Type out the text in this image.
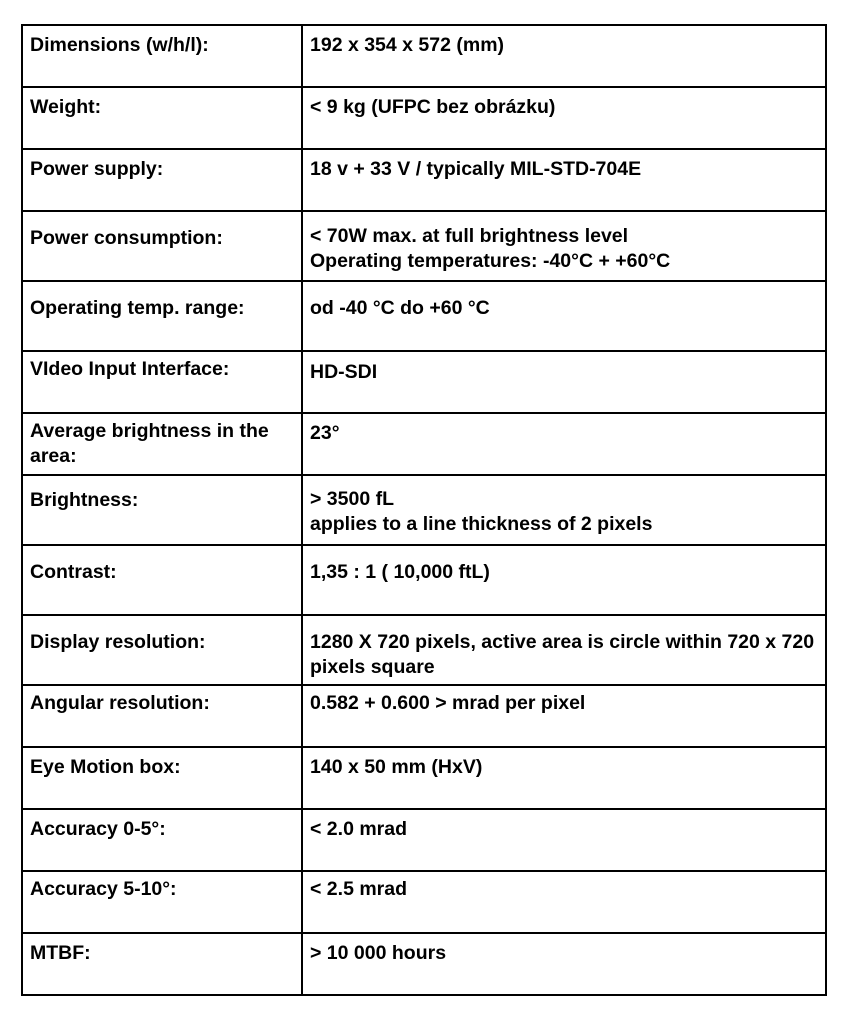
Dimensions (w/h/l):	192 x 354 x 572 (mm)
Weight:	< 9 kg (UFPC bez obrázku)
Power supply:	18 v + 33 V / typically MIL-STD-704E
Power consumption:	< 70W max. at full brightness level
Operating temperatures: -40°C + +60°C
Operating temp. range:	od -40 °C do +60 °C
VIdeo Input Interface:	HD-SDI
Average brightness in the area:	23°
Brightness:	> 3500 fL
applies to a line thickness of 2 pixels
Contrast:	1,35 : 1 ( 10,000 ftL)
Display resolution:	1280 X 720 pixels, active area is circle within 720 x 720 pixels square
Angular resolution:	0.582 + 0.600 > mrad per pixel
Eye Motion box:	140 x 50 mm (HxV)
Accuracy 0-5°:	< 2.0 mrad
Accuracy 5-10°:	< 2.5 mrad
MTBF:	> 10 000 hours
